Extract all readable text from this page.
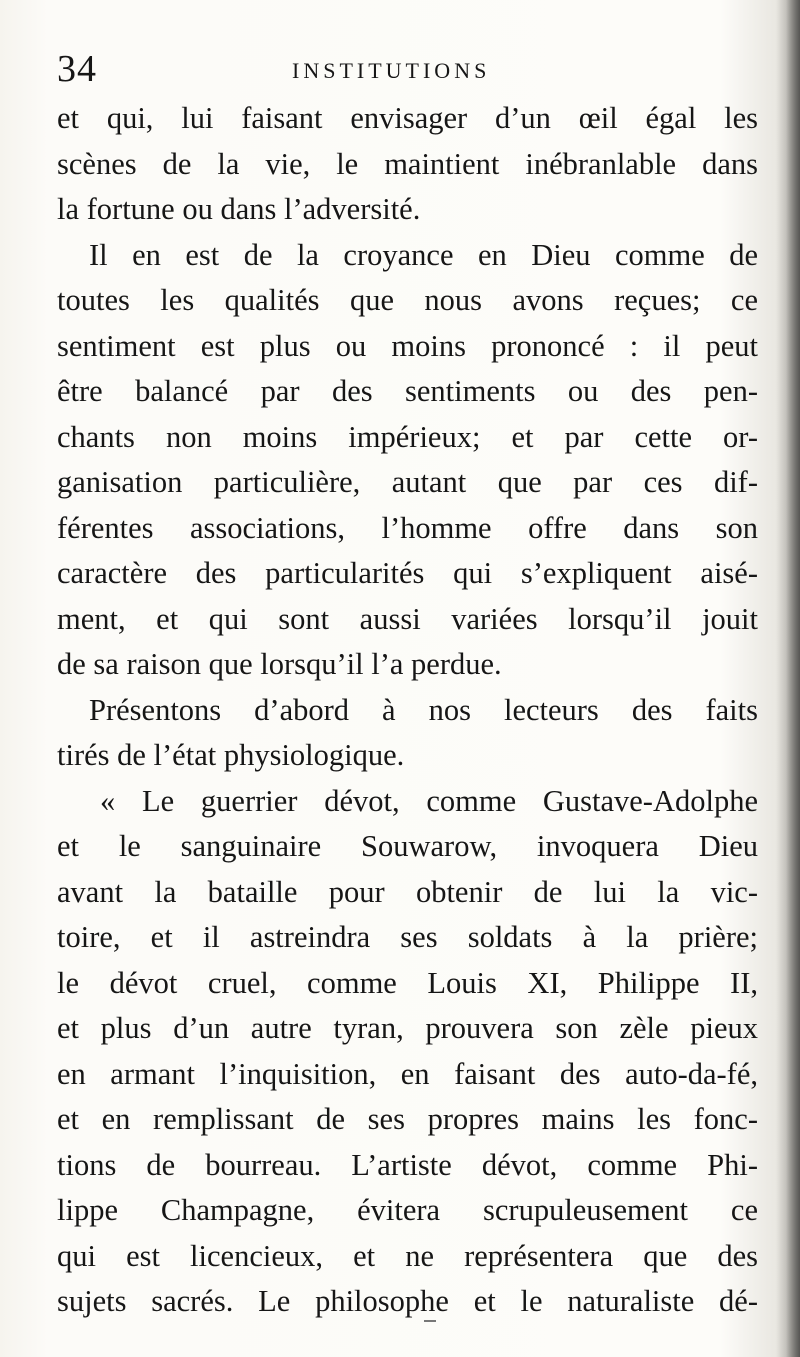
34	INSTITUTIONS
et qui, lui faisant envisager d’un œil égal les
scènes de la vie, le maintient inébranlable dans
la fortune ou dans l’adversité.
Il en est de la croyance en Dieu comme de
toutes les qualités que nous avons reçues; ce
sentiment est plus ou moins prononcé : il peut
être balancé par des sentiments ou des pen-
chants non moins impérieux; et par cette or-
ganisation particulière, autant que par ces dif-
férentes associations, l’homme offre dans son
caractère des particularités qui s’expliquent aisé-
ment, et qui sont aussi variées lorsqu’il jouit
de sa raison que lorsqu’il l’a perdue.
Présentons d’abord à nos lecteurs des faits
tirés de l’état physiologique.
« Le guerrier dévot, comme Gustave-Adolphe
et le sanguinaire Souwarow, invoquera Dieu
avant la bataille pour obtenir de lui la vic-
toire, et il astreindra ses soldats à la prière;
le dévot cruel, comme Louis XI, Philippe II,
et plus d’un autre tyran, prouvera son zèle pieux
en armant l’inquisition, en faisant des auto-da-fé,
et en remplissant de ses propres mains les fonc-
tions de bourreau. L’artiste dévot, comme Phi-
lippe Champagne, évitera scrupuleusement ce
qui est licencieux, et ne représentera que des
sujets sacrés. Le philosophe et le naturaliste dé-
